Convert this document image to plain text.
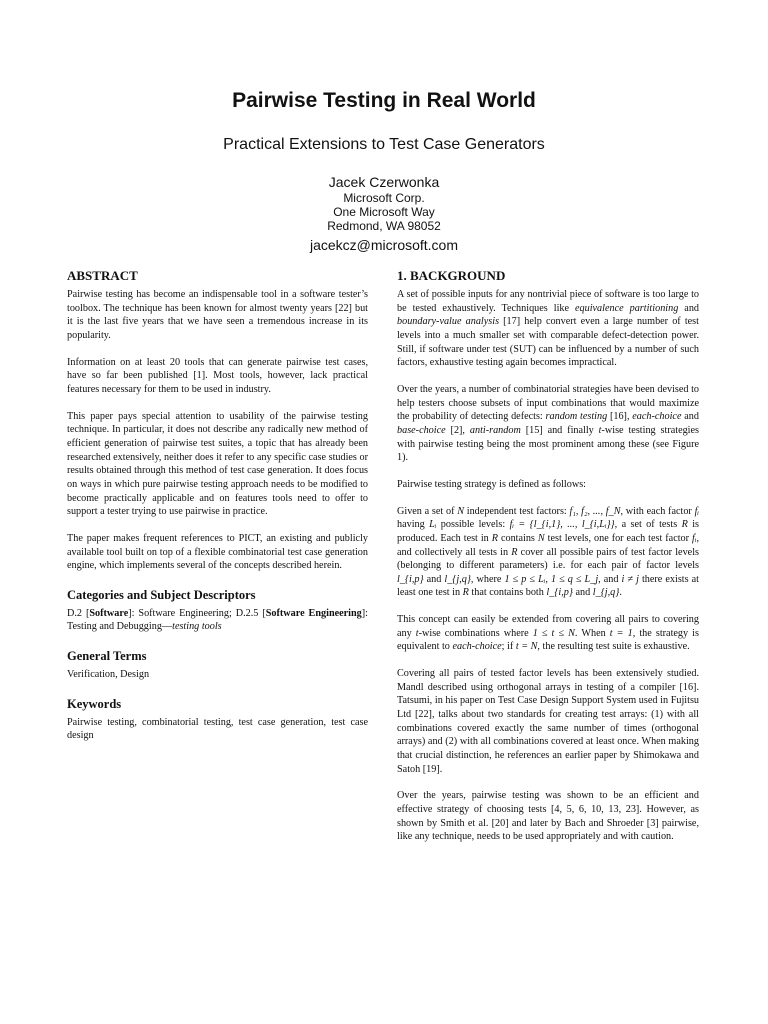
Pairwise Testing in Real World
Practical Extensions to Test Case Generators
Jacek Czerwonka
Microsoft Corp.
One Microsoft Way
Redmond, WA 98052
jacekcz@microsoft.com
ABSTRACT

Pairwise testing has become an indispensable tool in a software tester’s toolbox. The technique has been known for almost twenty years [22] but it is the last five years that we have seen a tremendous increase in its popularity.

Information on at least 20 tools that can generate pairwise test cases, have so far been published [1]. Most tools, however, lack practical features necessary for them to be used in industry.

This paper pays special attention to usability of the pairwise testing technique. In particular, it does not describe any radically new method of efficient generation of pairwise test suites, a topic that has already been researched extensively, neither does it refer to any specific case studies or results obtained through this method of test case generation. It does focus on ways in which pure pairwise testing approach needs to be modified to become practically applicable and on features tools need to offer to support a tester trying to use pairwise in practice.

The paper makes frequent references to PICT, an existing and publicly available tool built on top of a flexible combinatorial test case generation engine, which implements several of the concepts described herein.

Categories and Subject Descriptors

D.2 [Software]: Software Engineering; D.2.5 [Software Engineering]: Testing and Debugging—testing tools

General Terms

Verification, Design

Keywords

Pairwise testing, combinatorial testing, test case generation, test case design

1. BACKGROUND

A set of possible inputs for any nontrivial piece of software is too large to be tested exhaustively. Techniques like equivalence partitioning and boundary-value analysis [17] help convert even a large number of test levels into a much smaller set with comparable defect-detection power. Still, if software under test (SUT) can be influenced by a number of such factors, exhaustive testing again becomes impractical.

Over the years, a number of combinatorial strategies have been devised to help testers choose subsets of input combinations that would maximize the probability of detecting defects: random testing [16], each-choice and base-choice [2], anti-random [15] and finally t-wise testing strategies with pairwise testing being the most prominent among these (see Figure 1).

Pairwise testing strategy is defined as follows:

Given a set of N independent test factors: f₁, f₂, ..., f_N, with each factor fᵢ having Lᵢ possible levels: fᵢ = {l_{i,1}, ..., l_{i,Lᵢ}}, a set of tests R is produced. Each test in R contains N test levels, one for each test factor fᵢ, and collectively all tests in R cover all possible pairs of test factor levels (belonging to different parameters) i.e. for each pair of factor levels l_{i,p} and l_{j,q}, where 1 ≤ p ≤ Lᵢ, 1 ≤ q ≤ L_j, and i ≠ j there exists at least one test in R that contains both l_{i,p} and l_{j,q}.

This concept can easily be extended from covering all pairs to covering any t-wise combinations where 1 ≤ t ≤ N. When t = 1, the strategy is equivalent to each-choice; if t = N, the resulting test suite is exhaustive.

Covering all pairs of tested factor levels has been extensively studied. Mandl described using orthogonal arrays in testing of a compiler [16]. Tatsumi, in his paper on Test Case Design Support System used in Fujitsu Ltd [22], talks about two standards for creating test arrays: (1) with all combinations covered exactly the same number of times (orthogonal arrays) and (2) with all combinations covered at least once. When making that crucial distinction, he references an earlier paper by Shimokawa and Satoh [19].

Over the years, pairwise testing was shown to be an efficient and effective strategy of choosing tests [4, 5, 6, 10, 13, 23]. However, as shown by Smith et al. [20] and later by Bach and Shroeder [3] pairwise, like any technique, needs to be used appropriately and with caution.
